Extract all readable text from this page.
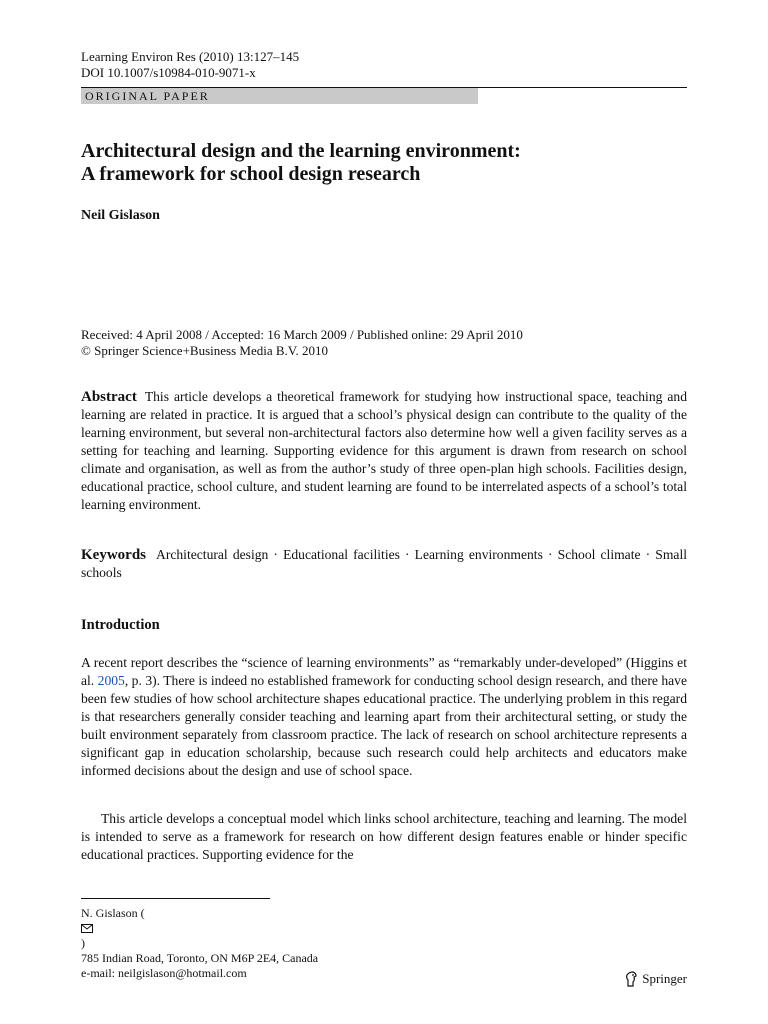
Learning Environ Res (2010) 13:127–145
DOI 10.1007/s10984-010-9071-x
ORIGINAL PAPER
Architectural design and the learning environment:
A framework for school design research
Neil Gislason
Received: 4 April 2008 / Accepted: 16 March 2009 / Published online: 29 April 2010
© Springer Science+Business Media B.V. 2010

Abstract This article develops a theoretical framework for studying how instructional space, teaching and learning are related in practice. It is argued that a school’s physical design can contribute to the quality of the learning environment, but several non-architectural factors also determine how well a given facility serves as a setting for teaching and learning. Supporting evidence for this argument is drawn from research on school climate and organisation, as well as from the author’s study of three open-plan high schools. Facilities design, educational practice, school culture, and student learning are found to be interrelated aspects of a school’s total learning environment.

Keywords Architectural design · Educational facilities · Learning environments · School climate · Small schools

Introduction

A recent report describes the “science of learning environments” as “remarkably under-developed” (Higgins et al. 2005, p. 3). There is indeed no established framework for conducting school design research, and there have been few studies of how school architecture shapes educational practice. The underlying problem in this regard is that researchers generally consider teaching and learning apart from their architectural setting, or study the built environment separately from classroom practice. The lack of research on school architecture represents a significant gap in education scholarship, because such research could help architects and educators make informed decisions about the design and use of school space.

This article develops a conceptual model which links school architecture, teaching and learning. The model is intended to serve as a framework for research on how different design features enable or hinder specific educational practices. Supporting evidence for the

N. Gislason (
)
785 Indian Road, Toronto, ON M6P 2E4, Canada
e-mail: neilgislason@hotmail.com	Springer
